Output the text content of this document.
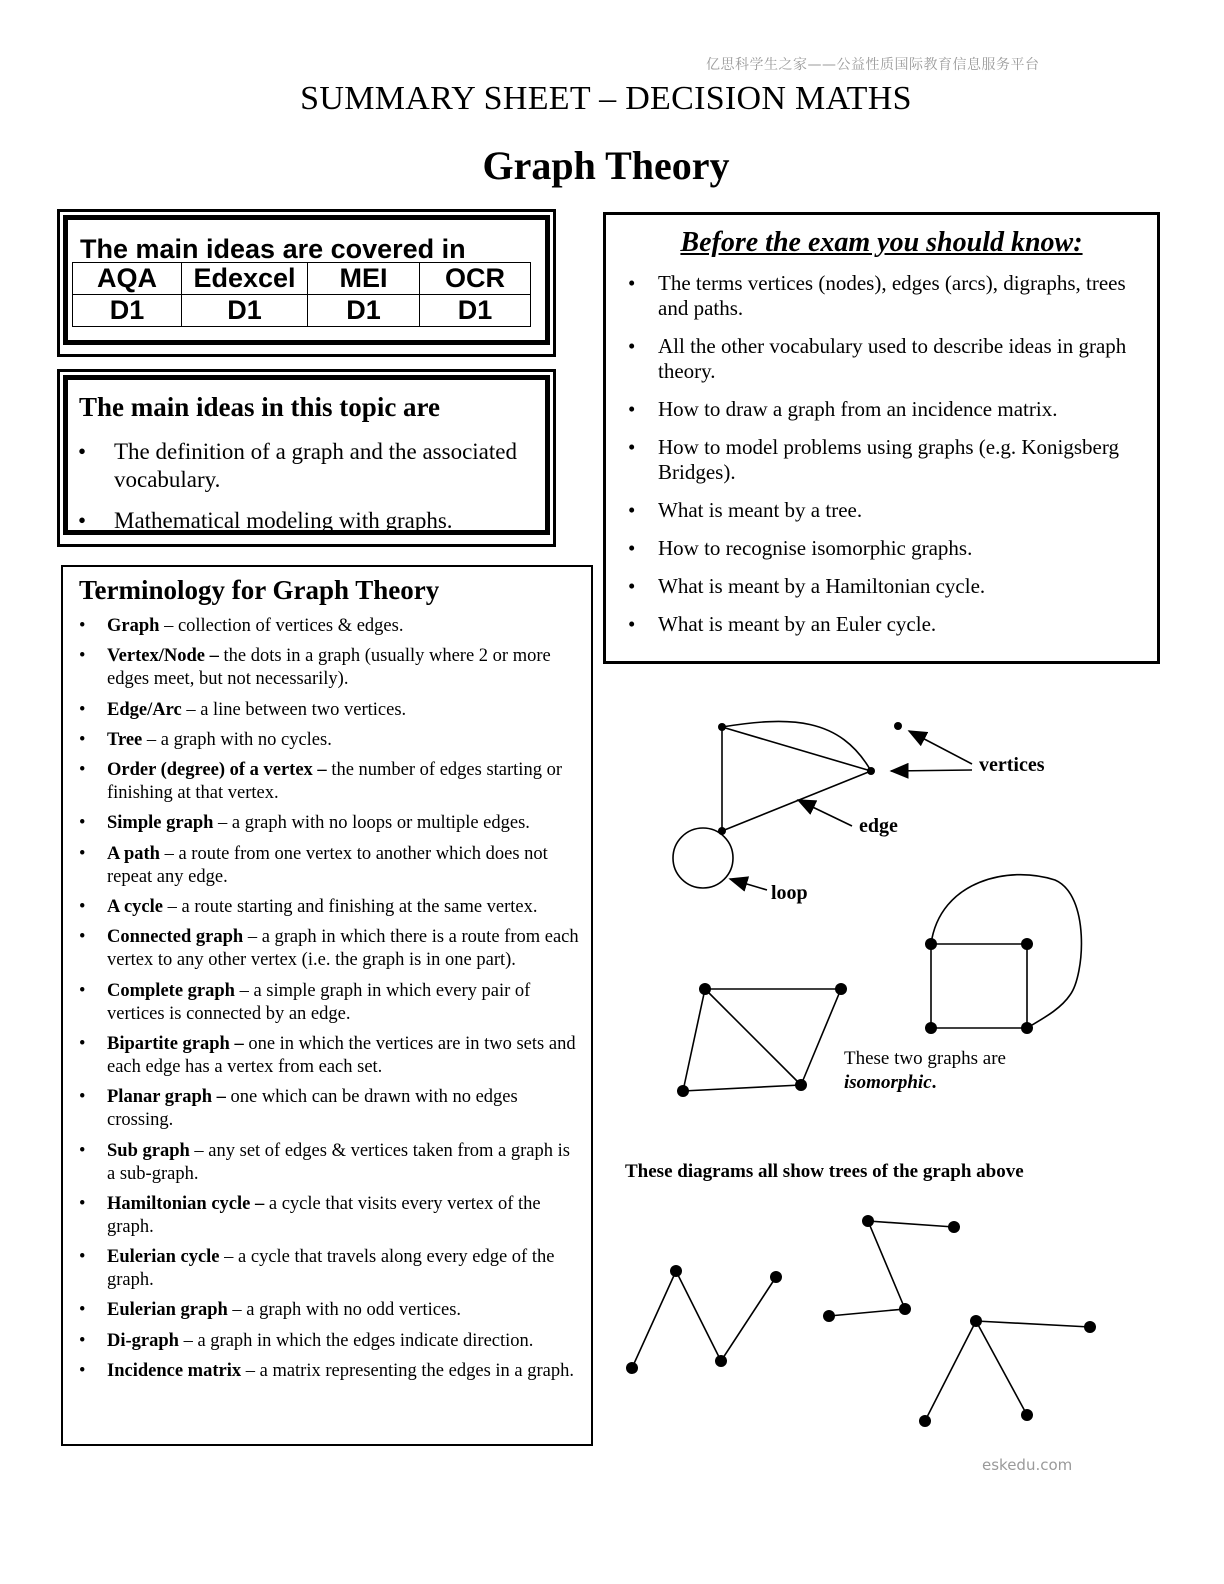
亿思科学生之家——公益性质国际教育信息服务平台
SUMMARY SHEET – DECISION MATHS
Graph Theory
The main ideas are covered in
AQA	Edexcel	MEI	OCR
D1	D1	D1	D1
The main ideas in this topic are
• The definition of a graph and the associated vocabulary.
• Mathematical modeling with graphs.
Terminology for Graph Theory
• Graph – collection of vertices & edges.
• Vertex/Node – the dots in a graph (usually where 2 or more edges meet, but not necessarily).
• Edge/Arc – a line between two vertices.
• Tree – a graph with no cycles.
• Order (degree) of a vertex – the number of edges starting or finishing at that vertex.
• Simple graph – a graph with no loops or multiple edges.
• A path – a route from one vertex to another which does not repeat any edge.
• A cycle – a route starting and finishing at the same vertex.
• Connected graph – a graph in which there is a route from each vertex to any other vertex (i.e. the graph is in one part).
• Complete graph – a simple graph in which every pair of vertices is connected by an edge.
• Bipartite graph – one in which the vertices are in two sets and each edge has a vertex from each set.
• Planar graph – one which can be drawn with no edges crossing.
• Sub graph – any set of edges & vertices taken from a graph is a sub-graph.
• Hamiltonian cycle – a cycle that visits every vertex of the graph.
• Eulerian cycle – a cycle that travels along every edge of the graph.
• Eulerian graph – a graph with no odd vertices.
• Di-graph – a graph in which the edges indicate direction.
• Incidence matrix – a matrix representing the edges in a graph.
Before the exam you should know:
• The terms vertices (nodes), edges (arcs), digraphs, trees and paths.
• All the other vocabulary used to describe ideas in graph theory.
• How to draw a graph from an incidence matrix.
• How to model problems using graphs (e.g. Konigsberg Bridges).
• What is meant by a tree.
• How to recognise isomorphic graphs.
• What is meant by a Hamiltonian cycle.
• What is meant by an Euler cycle.
vertices
edge
loop
These two graphs are
isomorphic.
These diagrams all show trees of the graph above
eskedu.com
